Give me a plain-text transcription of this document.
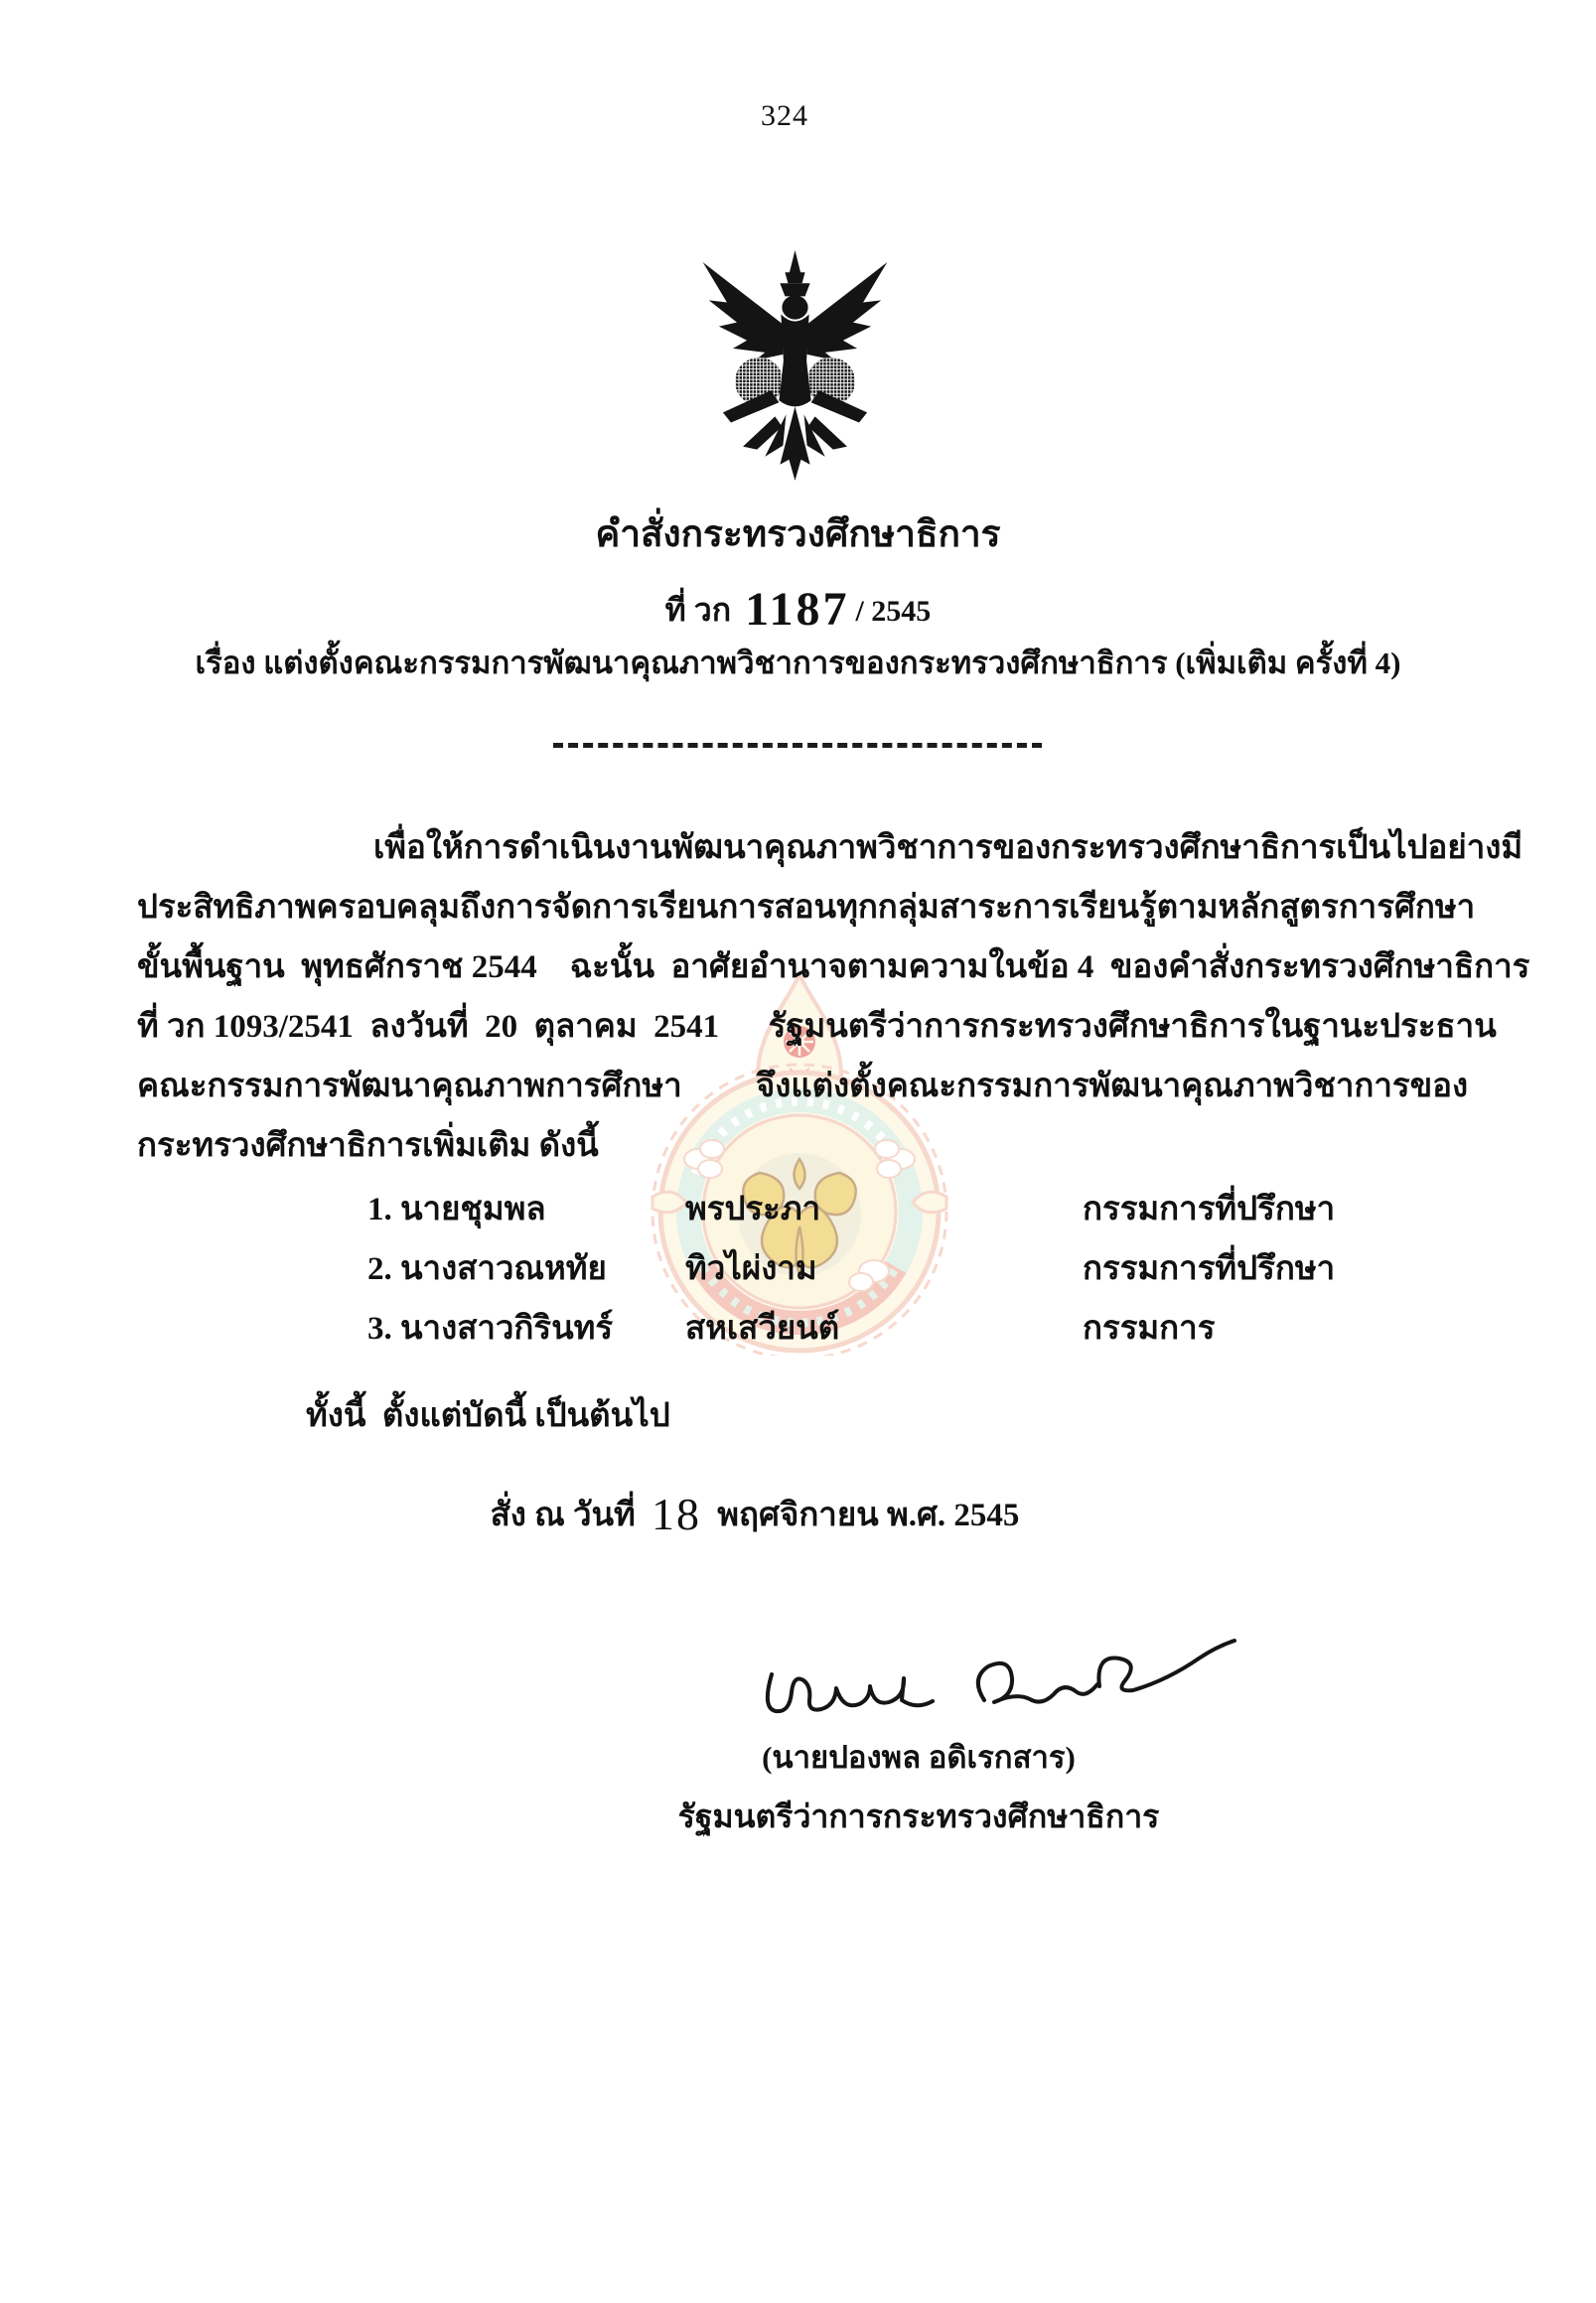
324
คำสั่งกระทรวงศึกษาธิการ
ที่ วก 1187 / 2545
เรื่อง แต่งตั้งคณะกรรมการพัฒนาคุณภาพวิชาการของกระทรวงศึกษาธิการ (เพิ่มเติม ครั้งที่ 4)
เพื่อให้การดำเนินงานพัฒนาคุณภาพวิชาการของกระทรวงศึกษาธิการเป็นไปอย่างมี
ประสิทธิภาพครอบคลุมถึงการจัดการเรียนการสอนทุกกลุ่มสาระการเรียนรู้ตามหลักสูตรการศึกษา
ขั้นพื้นฐาน  พุทธศักราช 2544    ฉะนั้น  อาศัยอำนาจตามความในข้อ 4  ของคำสั่งกระทรวงศึกษาธิการ
ที่ วก 1093/2541  ลงวันที่  20  ตุลาคม  2541      รัฐมนตรีว่าการกระทรวงศึกษาธิการในฐานะประธาน
คณะกรรมการพัฒนาคุณภาพการศึกษา         จึงแต่งตั้งคณะกรรมการพัฒนาคุณภาพวิชาการของ
กระทรวงศึกษาธิการเพิ่มเติม ดังนี้
1. นายชุมพล	พรประภา	กรรมการที่ปรึกษา
2. นางสาวณหทัย	ทิวไผ่งาม	กรรมการที่ปรึกษา
3. นางสาวกิรินทร์	สหเสวียนต์	กรรมการ
ทั้งนี้  ตั้งแต่บัดนี้ เป็นต้นไป
สั่ง ณ วันที่ 18 พฤศจิกายน พ.ศ. 2545
(นายปองพล อดิเรกสาร)
รัฐมนตรีว่าการกระทรวงศึกษาธิการ
